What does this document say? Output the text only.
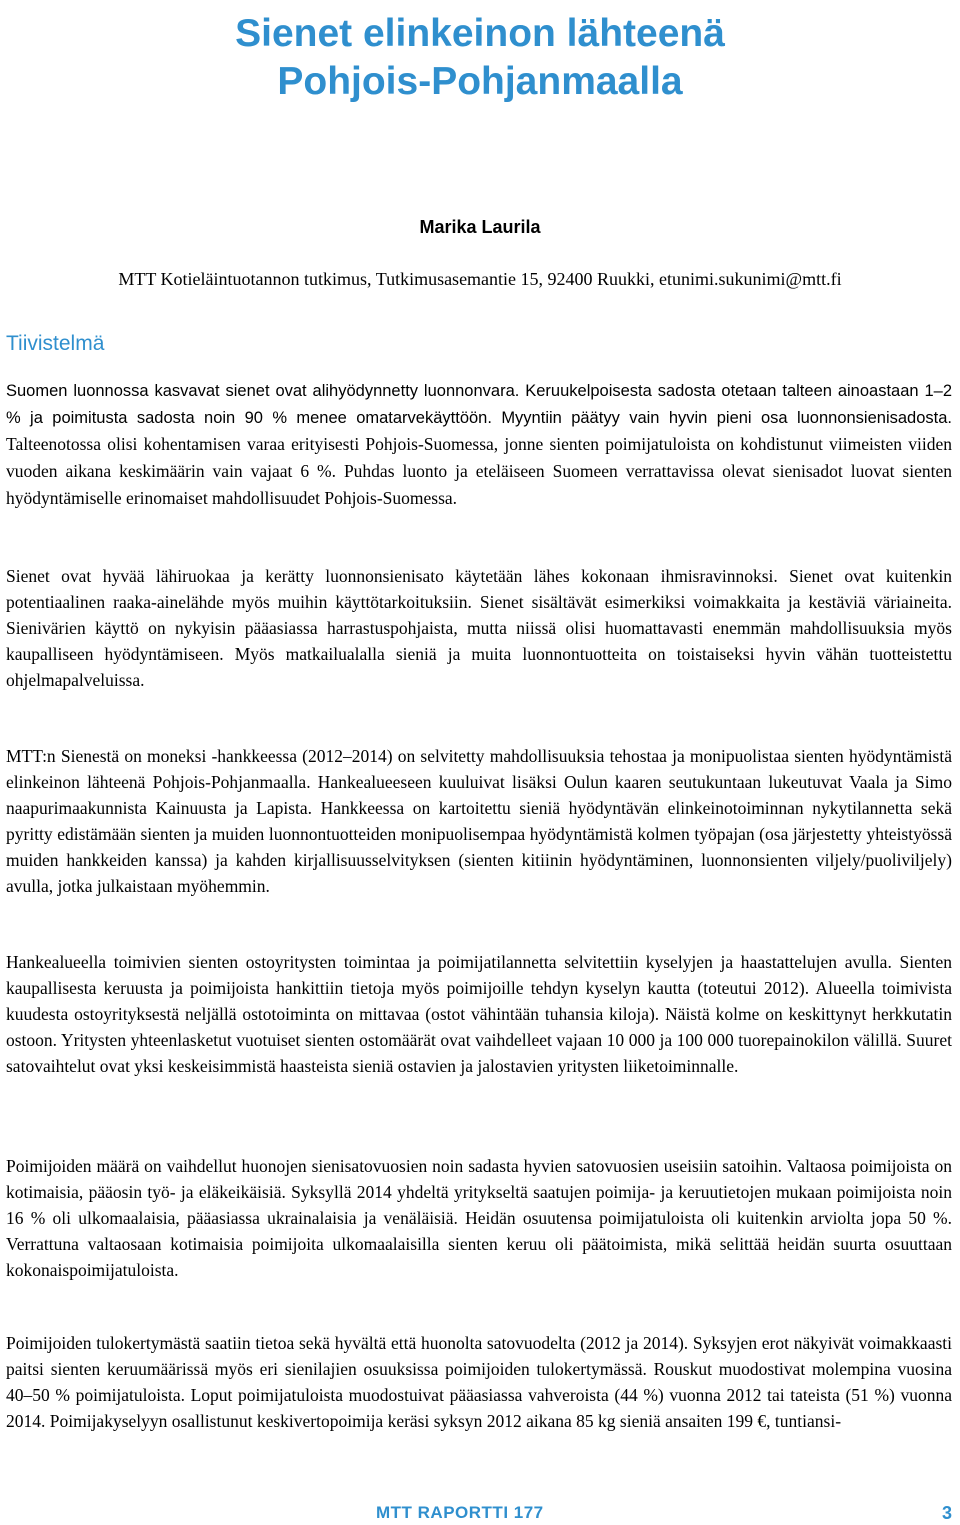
Sienet elinkeinon lähteenä
Pohjois-Pohjanmaalla
Marika Laurila
MTT Kotieläintuotannon tutkimus, Tutkimusasemantie 15, 92400 Ruukki, etunimi.sukunimi@mtt.fi
Tiivistelmä

Suomen luonnossa kasvavat sienet ovat alihyödynnetty luonnonvara. Keruukelpoisesta sadosta otetaan talteen ainoastaan 1–2 % ja poimitusta sadosta noin 90 % menee omatarvekäyttöön. Myyntiin päätyy vain hyvin pieni osa luonnonsienisadosta. Talteenotossa olisi kohentamisen varaa erityisesti Pohjois-Suomessa, jonne sienten poimijatuloista on kohdistunut viimeisten viiden vuoden aikana keskimäärin vain vajaat 6 %. Puhdas luonto ja eteläiseen Suomeen verrattavissa olevat sienisadot luovat sienten hyödyntämiselle erinomaiset mahdollisuudet Pohjois-Suomessa.

Sienet ovat hyvää lähiruokaa ja kerätty luonnonsienisato käytetään lähes kokonaan ihmisravinnoksi. Sienet ovat kuitenkin potentiaalinen raaka-ainelähde myös muihin käyttötarkoituksiin. Sienet sisältävät esimerkiksi voimakkaita ja kestäviä väriaineita. Sienivärien käyttö on nykyisin pääasiassa harrastuspohjaista, mutta niissä olisi huomattavasti enemmän mahdollisuuksia myös kaupalliseen hyödyntämiseen. Myös matkailualalla sieniä ja muita luonnontuotteita on toistaiseksi hyvin vähän tuotteistettu ohjelmapalveluissa.

MTT:n Sienestä on moneksi -hankkeessa (2012–2014) on selvitetty mahdollisuuksia tehostaa ja monipuolistaa sienten hyödyntämistä elinkeinon lähteenä Pohjois-Pohjanmaalla. Hankealueeseen kuuluivat lisäksi Oulun kaaren seutukuntaan lukeutuvat Vaala ja Simo naapurimaakunnista Kainuusta ja Lapista. Hankkeessa on kartoitettu sieniä hyödyntävän elinkeinotoiminnan nykytilannetta sekä pyritty edistämään sienten ja muiden luonnontuotteiden monipuolisempaa hyödyntämistä kolmen työpajan (osa järjestetty yhteistyössä muiden hankkeiden kanssa) ja kahden kirjallisuusselvityksen (sienten kitiinin hyödyntäminen, luonnonsienten viljely/puoliviljely) avulla, jotka julkaistaan myöhemmin.

Hankealueella toimivien sienten ostoyritysten toimintaa ja poimijatilannetta selvitettiin kyselyjen ja haastattelujen avulla. Sienten kaupallisesta keruusta ja poimijoista hankittiin tietoja myös poimijoille tehdyn kyselyn kautta (toteutui 2012). Alueella toimivista kuudesta ostoyrityksestä neljällä ostotoiminta on mittavaa (ostot vähintään tuhansia kiloja). Näistä kolme on keskittynyt herkkutatin ostoon. Yritysten yhteenlasketut vuotuiset sienten ostomäärät ovat vaihdelleet vajaan 10 000 ja 100 000 tuorepainokilon välillä. Suuret satovaihtelut ovat yksi keskeisimmistä haasteista sieniä ostavien ja jalostavien yritysten liiketoiminnalle.

Poimijoiden määrä on vaihdellut huonojen sienisatovuosien noin sadasta hyvien satovuosien useisiin satoihin. Valtaosa poimijoista on kotimaisia, pääosin työ- ja eläkeikäisiä. Syksyllä 2014 yhdeltä yritykseltä saatujen poimija- ja keruutietojen mukaan poimijoista noin 16 % oli ulkomaalaisia, pääasiassa ukrainalaisia ja venäläisiä. Heidän osuutensa poimijatuloista oli kuitenkin arviolta jopa 50 %. Verrattuna valtaosaan kotimaisia poimijoita ulkomaalaisilla sienten keruu oli päätoimista, mikä selittää heidän suurta osuuttaan kokonaispoimijatuloista.

Poimijoiden tulokertymästä saatiin tietoa sekä hyvältä että huonolta satovuodelta (2012 ja 2014). Syksyjen erot näkyivät voimakkaasti paitsi sienten keruumäärissä myös eri sienilajien osuuksissa poimijoiden tulokertymässä. Rouskut muodostivat molempina vuosina 40–50 % poimijatuloista. Loput poimijatuloista muodostuivat pääasiassa vahveroista (44 %) vuonna 2012 tai tateista (51 %) vuonna 2014. Poimijakyselyyn osallistunut keskivertopoimija keräsi syksyn 2012 aikana 85 kg sieniä ansaiten 199 €, tuntiansi-

MTT RAPORTTI 177	3
